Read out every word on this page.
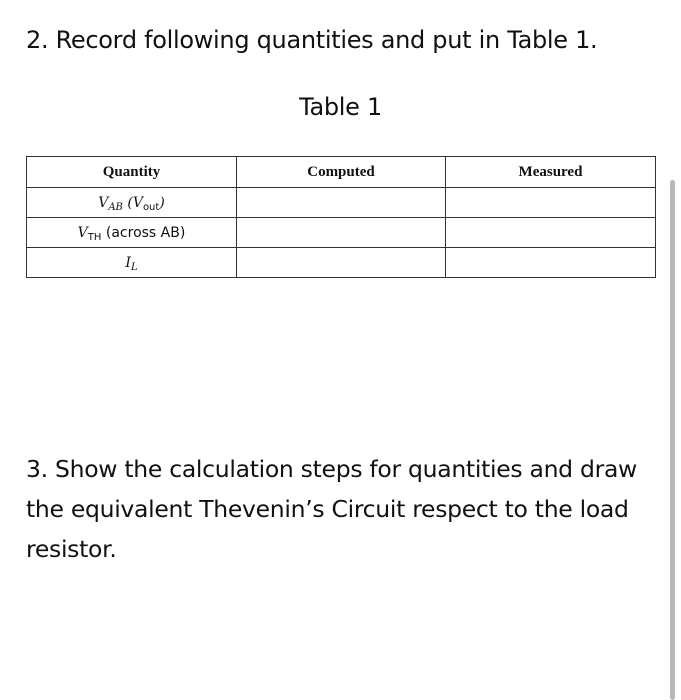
2. Record following quantities and put in Table 1.
Table 1
Quantity	Computed	Measured
$V_{AB}$ $(V_{out})$		
$V_{TH}$ (across AB)		
$I_L$		
3. Show the calculation steps for quantities and draw the equivalent Thevenin’s Circuit respect to the load resistor.
